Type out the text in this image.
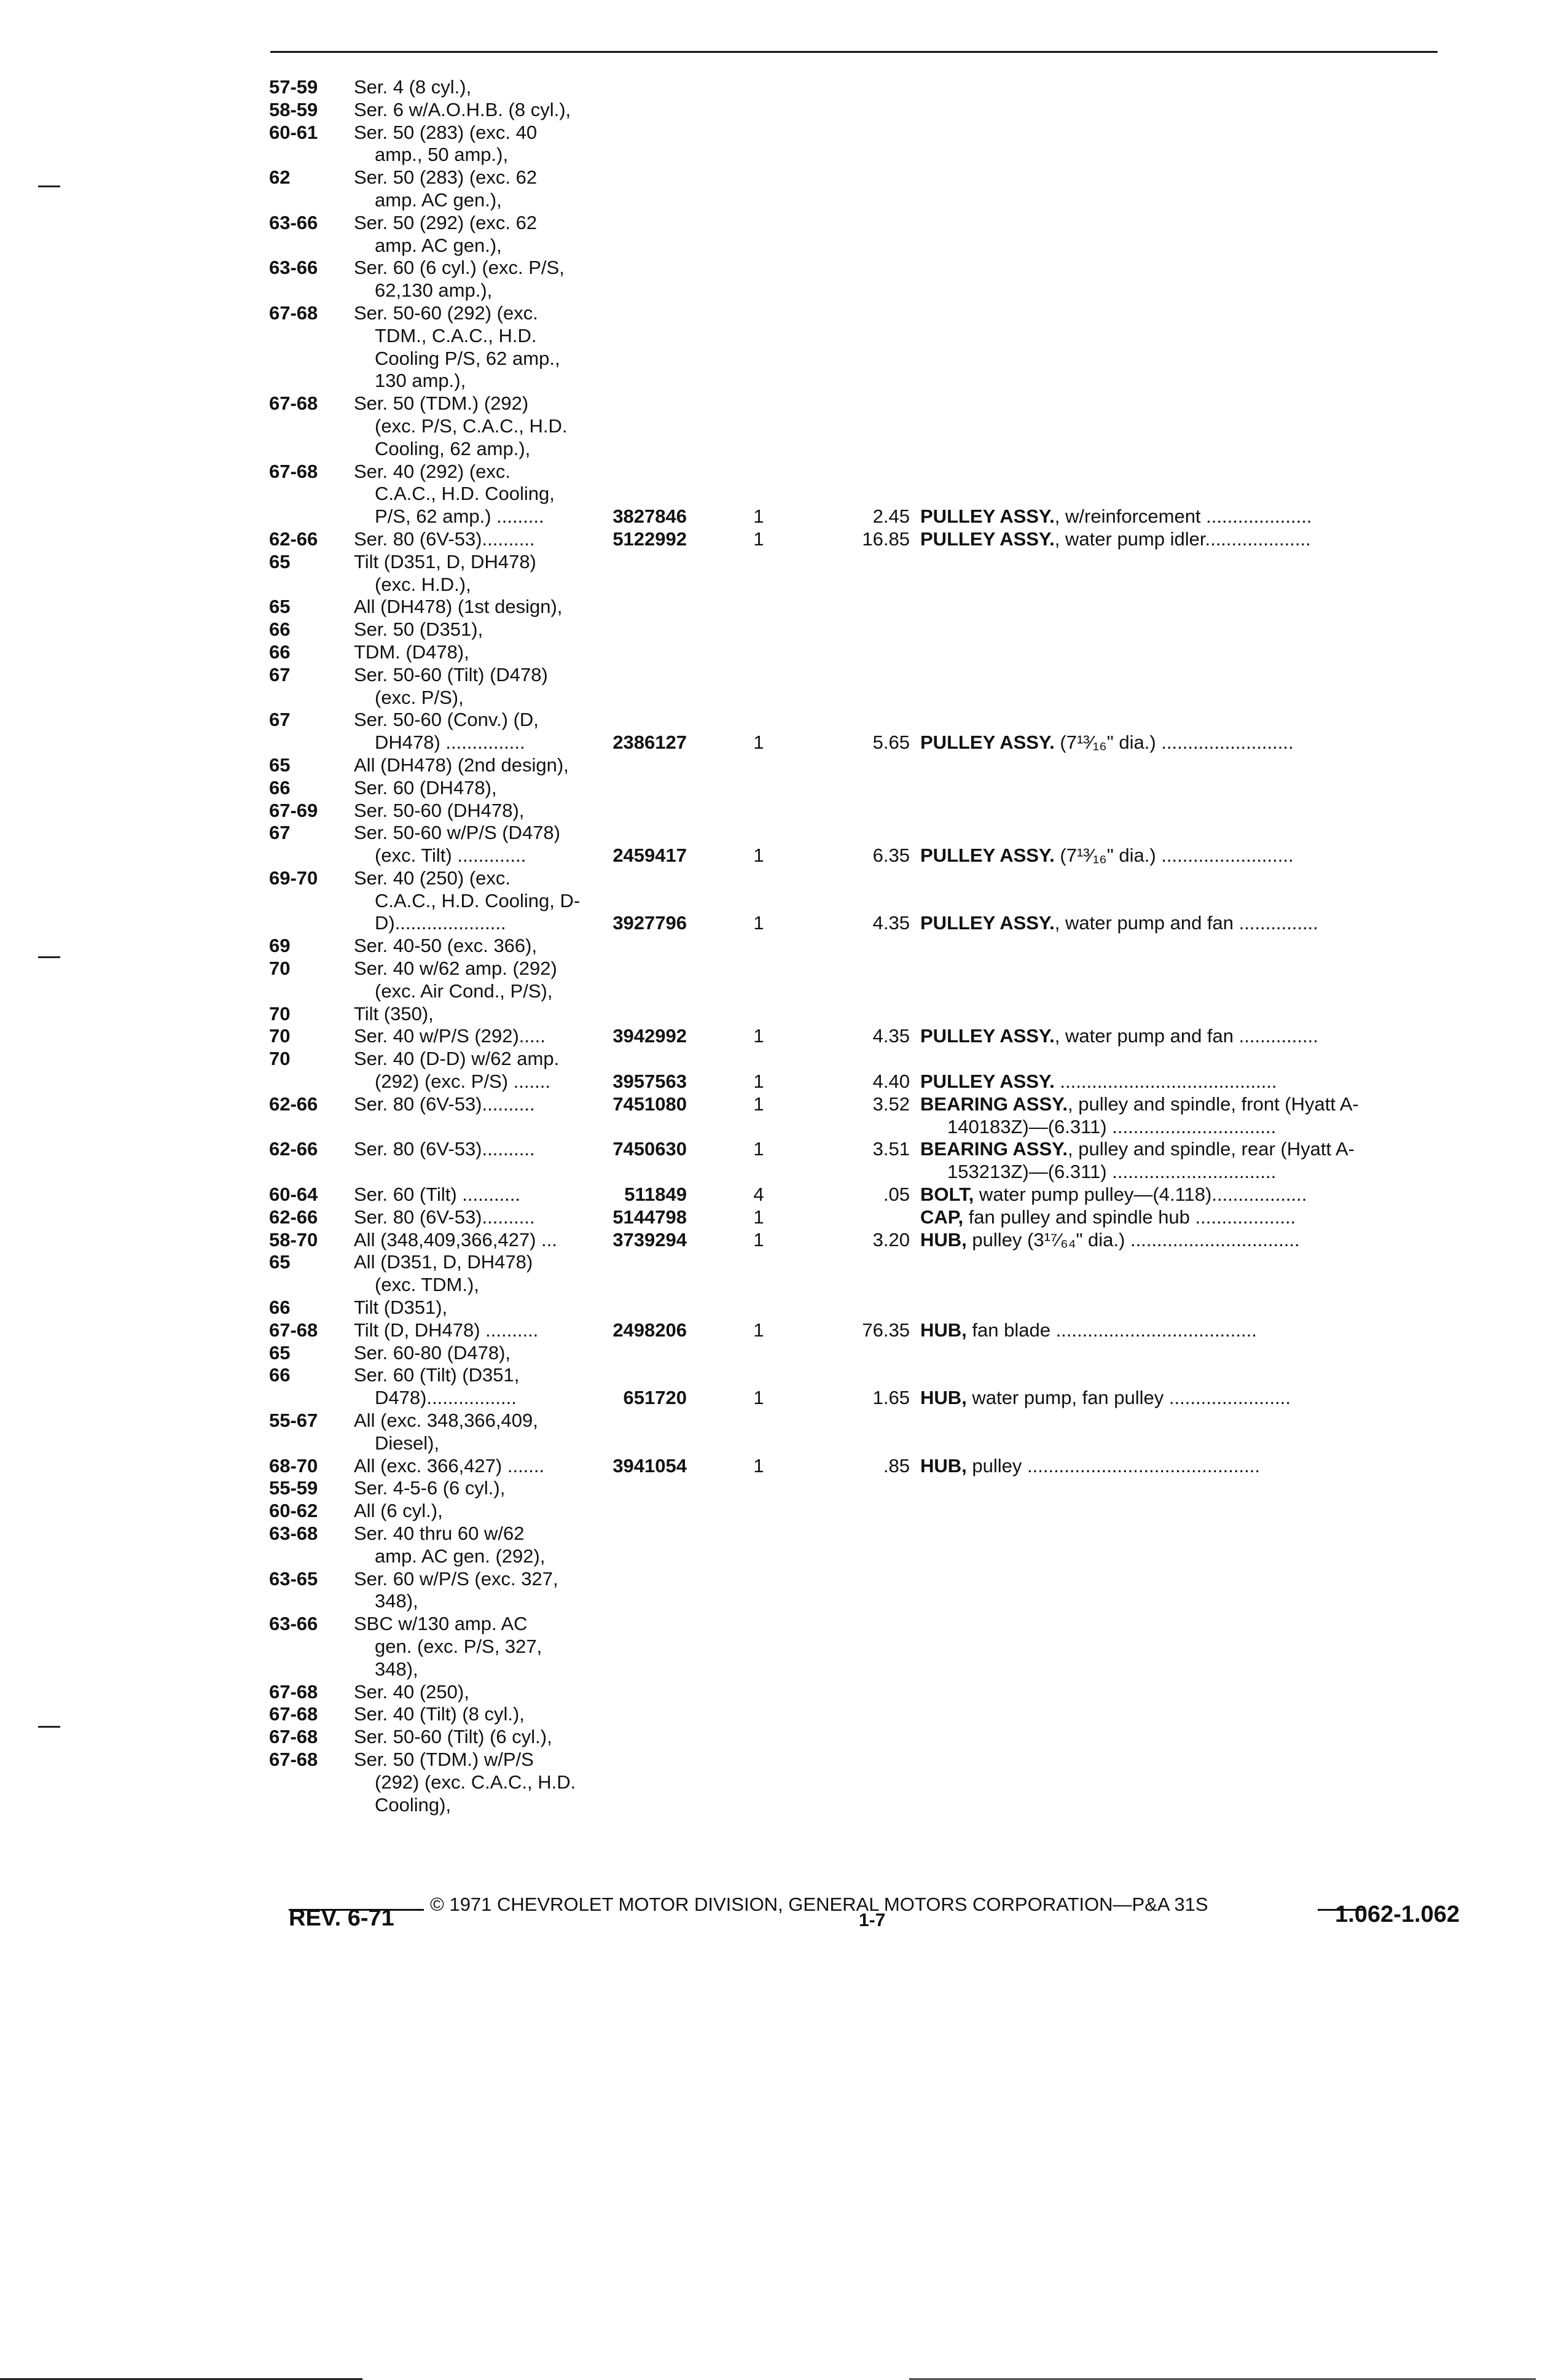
57-59	Ser. 4 (8 cyl.),
58-59	Ser. 6 w/A.O.H.B. (8 cyl.),
60-61	Ser. 50 (283) (exc. 40
amp., 50 amp.),
62	Ser. 50 (283) (exc. 62
amp. AC gen.),
63-66	Ser. 50 (292) (exc. 62
amp. AC gen.),
63-66	Ser. 60 (6 cyl.) (exc. P/S,
62,130 amp.),
67-68	Ser. 50-60 (292) (exc.
TDM., C.A.C., H.D.
Cooling P/S, 62 amp.,
130 amp.),
67-68	Ser. 50 (TDM.) (292)
(exc. P/S, C.A.C., H.D.
Cooling, 62 amp.),
67-68	Ser. 40 (292) (exc.
C.A.C., H.D. Cooling,
P/S, 62 amp.) .........	3827846	1	2.45 PULLEY ASSY., w/reinforcement ....................
62-66	Ser. 80 (6V-53)..........	5122992	1	16.85 PULLEY ASSY., water pump idler....................
65	Tilt (D351, D, DH478)
(exc. H.D.),
65	All (DH478) (1st design),
66	Ser. 50 (D351),
66	TDM. (D478),
67	Ser. 50-60 (Tilt) (D478)
(exc. P/S),
67	Ser. 50-60 (Conv.) (D,
DH478) ...............	2386127	1	5.65 PULLEY ASSY. (7¹³⁄₁₆" dia.) .........................
65	All (DH478) (2nd design),
66	Ser. 60 (DH478),
67-69	Ser. 50-60 (DH478),
67	Ser. 50-60 w/P/S (D478)
(exc. Tilt) .............	2459417	1	6.35 PULLEY ASSY. (7¹³⁄₁₆" dia.) .........................
69-70	Ser. 40 (250) (exc.
C.A.C., H.D. Cooling, D-
D).....................	3927796	1	4.35 PULLEY ASSY., water pump and fan ...............
69	Ser. 40-50 (exc. 366),
70	Ser. 40 w/62 amp. (292)
(exc. Air Cond., P/S),
70	Tilt (350),
70	Ser. 40 w/P/S (292).....	3942992	1	4.35 PULLEY ASSY., water pump and fan ...............
70	Ser. 40 (D-D) w/62 amp.
(292) (exc. P/S) .......	3957563	1	4.40 PULLEY ASSY. .........................................
62-66	Ser. 80 (6V-53)..........	7451080	1	3.52 BEARING ASSY., pulley and spindle, front (Hyatt A-
140183Z)—(6.311) ...............................
62-66	Ser. 80 (6V-53)..........	7450630	1	3.51 BEARING ASSY., pulley and spindle, rear (Hyatt A-
153213Z)—(6.311) ...............................
60-64	Ser. 60 (Tilt) ...........	511849	4	.05 BOLT, water pump pulley—(4.118)..................
62-66	Ser. 80 (6V-53)..........	5144798	1	CAP, fan pulley and spindle hub ...................
58-70	All (348,409,366,427) ...	3739294	1	3.20 HUB, pulley (3¹⁷⁄₆₄" dia.) ................................
65	All (D351, D, DH478)
(exc. TDM.),
66	Tilt (D351),
67-68	Tilt (D, DH478) ..........	2498206	1	76.35 HUB, fan blade ......................................
65	Ser. 60-80 (D478),
66	Ser. 60 (Tilt) (D351,
D478).................	651720	1	1.65 HUB, water pump, fan pulley .......................
55-67	All (exc. 348,366,409,
Diesel),
68-70	All (exc. 366,427) .......	3941054	1	.85 HUB, pulley ............................................
55-59	Ser. 4-5-6 (6 cyl.),
60-62	All (6 cyl.),
63-68	Ser. 40 thru 60 w/62
amp. AC gen. (292),
63-65	Ser. 60 w/P/S (exc. 327,
348),
63-66	SBC w/130 amp. AC
gen. (exc. P/S, 327,
348),
67-68	Ser. 40 (250),
67-68	Ser. 40 (Tilt) (8 cyl.),
67-68	Ser. 50-60 (Tilt) (6 cyl.),
67-68	Ser. 50 (TDM.) w/P/S
(292) (exc. C.A.C., H.D.
Cooling),
© 1971 CHEVROLET MOTOR DIVISION, GENERAL MOTORS CORPORATION—P&A 31S
REV. 6-71	1-7	1.062-1.062
